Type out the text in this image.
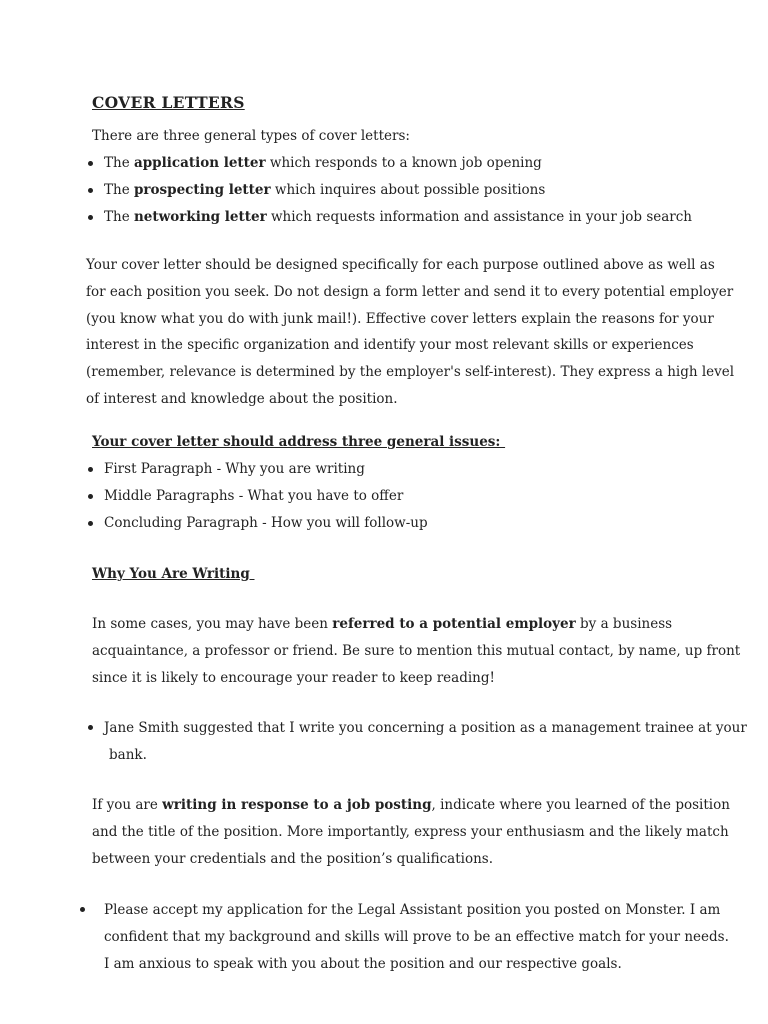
COVER LETTERS
There are three general types of cover letters:
The application letter which responds to a known job opening
The prospecting letter which inquires about possible positions
The networking letter which requests information and assistance in your job search
Your cover letter should be designed specifically for each purpose outlined above as well as
for each position you seek. Do not design a form letter and send it to every potential employer
(you know what you do with junk mail!). Effective cover letters explain the reasons for your
interest in the specific organization and identify your most relevant skills or experiences
(remember, relevance is determined by the employer's self-interest). They express a high level
of interest and knowledge about the position.
Your cover letter should address three general issues:
First Paragraph - Why you are writing
Middle Paragraphs - What you have to offer
Concluding Paragraph - How you will follow-up
Why You Are Writing
In some cases, you may have been referred to a potential employer by a business
acquaintance, a professor or friend. Be sure to mention this mutual contact, by name, up front
since it is likely to encourage your reader to keep reading!
Jane Smith suggested that I write you concerning a position as a management trainee at your
bank.
If you are writing in response to a job posting, indicate where you learned of the position
and the title of the position. More importantly, express your enthusiasm and the likely match
between your credentials and the position’s qualifications.
Please accept my application for the Legal Assistant position you posted on Monster. I am
confident that my background and skills will prove to be an effective match for your needs.
I am anxious to speak with you about the position and our respective goals.
